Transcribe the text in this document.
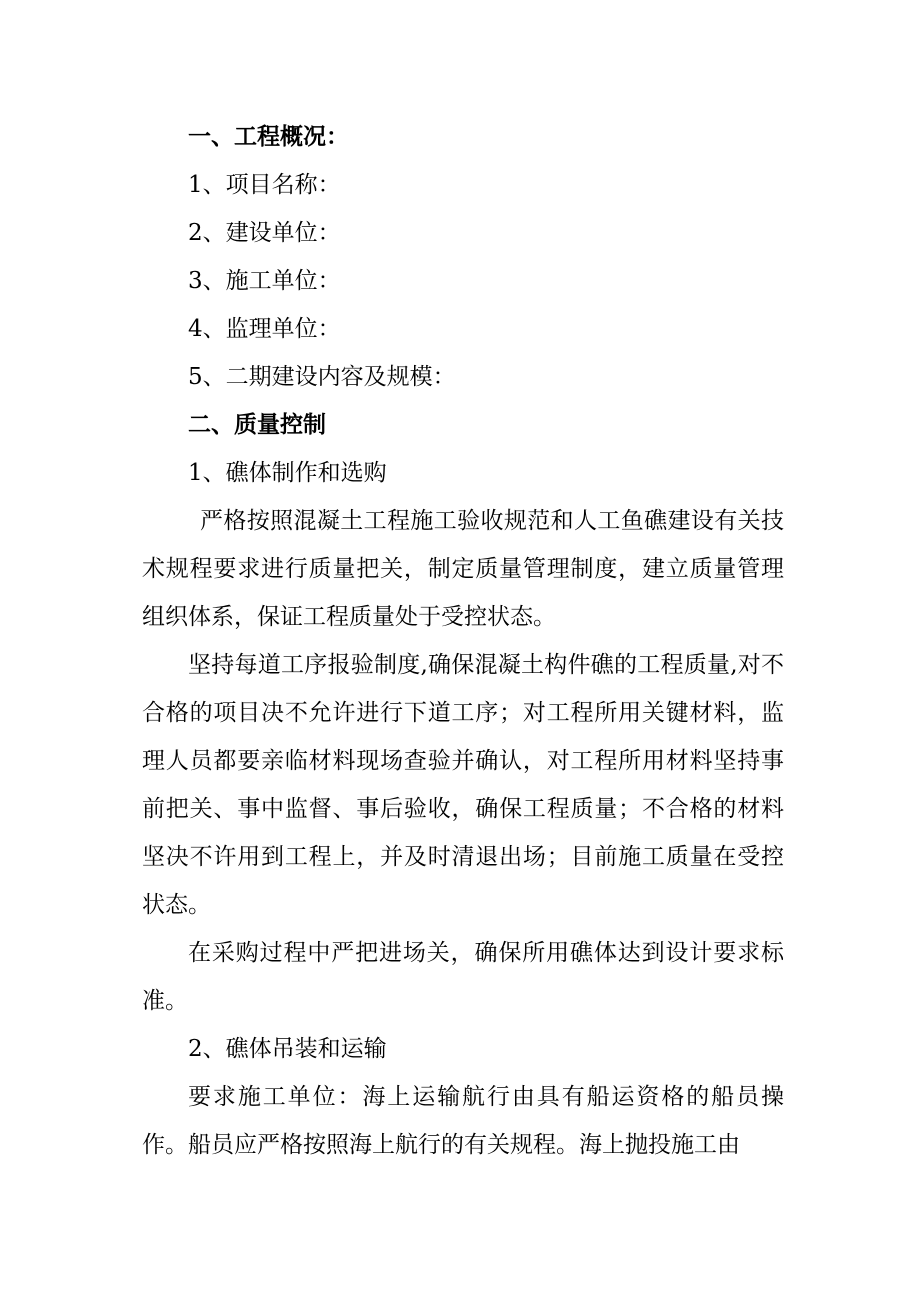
一、工程概况：
1、项目名称：
2、建设单位：
3、施工单位：
4、监理单位：
5、二期建设内容及规模：
二、质量控制
1、礁体制作和选购
严格按照混凝土工程施工验收规范和人工鱼礁建设有关技术规程要求进行质量把关，制定质量管理制度，建立质量管理组织体系，保证工程质量处于受控状态。
坚持每道工序报验制度,确保混凝土构件礁的工程质量,对不合格的项目决不允许进行下道工序；对工程所用关键材料，监理人员都要亲临材料现场查验并确认，对工程所用材料坚持事前把关、事中监督、事后验收，确保工程质量；不合格的材料坚决不许用到工程上，并及时清退出场；目前施工质量在受控状态。
在采购过程中严把进场关，确保所用礁体达到设计要求标准。
2、礁体吊装和运输
要求施工单位：海上运输航行由具有船运资格的船员操作。船员应严格按照海上航行的有关规程。海上抛投施工由
